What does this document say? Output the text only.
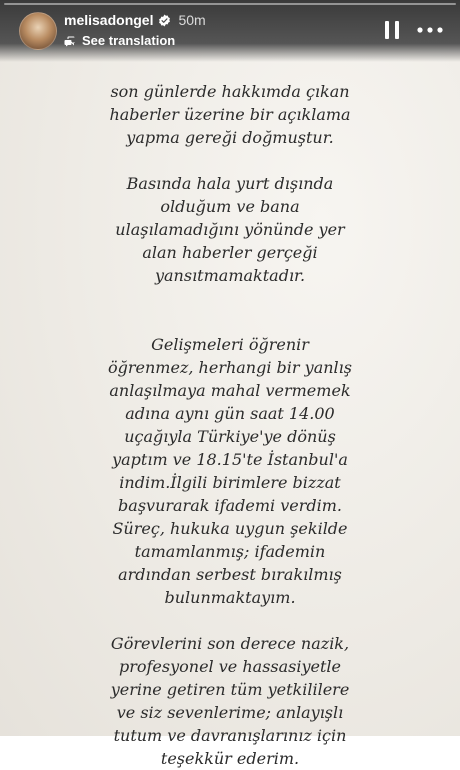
melisadongel 50m
See translation

son günlerde hakkımda çıkan
haberler üzerine bir açıklama
yapma gereği doğmuştur.

Basında hala yurt dışında
olduğum ve bana
ulaşılamadığını yönünde yer
alan haberler gerçeği
yansıtmamaktadır.

Gelişmeleri öğrenir
öğrenmez, herhangi bir yanlış
anlaşılmaya mahal vermemek
adına aynı gün saat 14.00
uçağıyla Türkiye'ye dönüş
yaptım ve 18.15'te İstanbul'a
indim.İlgili birimlere bizzat
başvurarak ifademi verdim.
Süreç, hukuka uygun şekilde
tamamlanmış; ifademin
ardından serbest bırakılmış
bulunmaktayım.

Görevlerini son derece nazik,
profesyonel ve hassasiyetle
yerine getiren tüm yetkililere
ve siz sevenlerime; anlayışlı
tutum ve davranışlarınız için
teşekkür ederim.
